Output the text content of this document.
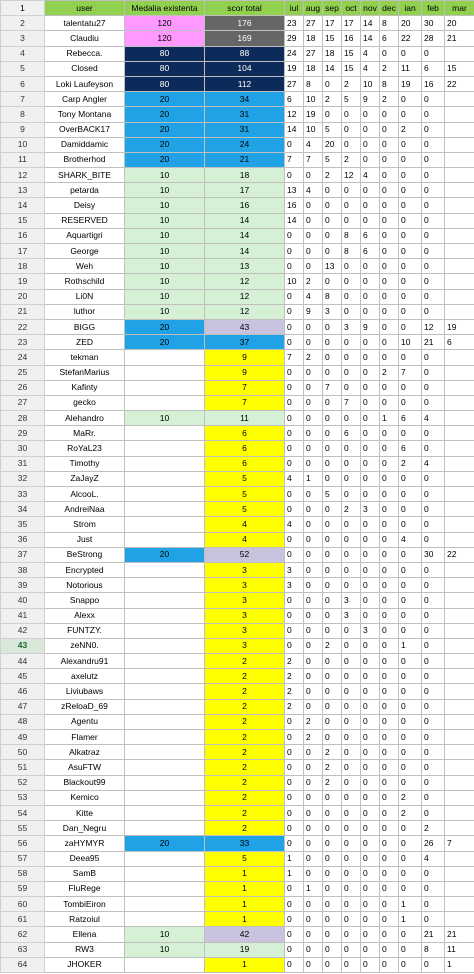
1	user	Medalia existenta	scor total	iul	aug	sep	oct	nov	dec	ian	feb	mar
2	talentatu27	120	176	23	27	17	17	14	8	20	30	20
3	Claudiu	120	169	29	18	15	16	14	6	22	28	21
4	Rebecca.	80	88	24	27	18	15	4	0	0	0	
5	Closed	80	104	19	18	14	15	4	2	11	6	15
6	Loki Laufeyson	80	112	27	8	0	2	10	8	19	16	22
7	Carp Angler	20	34	6	10	2	5	9	2	0	0	
8	Tony Montana	20	31	12	19	0	0	0	0	0	0	
9	OverBACK17	20	31	14	10	5	0	0	0	2	0	
10	Damiddamic	20	24	0	4	20	0	0	0	0	0	
11	Brotherhod	20	21	7	7	5	2	0	0	0	0	
12	SHARK_BITE	10	18	0	0	2	12	4	0	0	0	
13	petarda	10	17	13	4	0	0	0	0	0	0	
14	Deisy	10	16	16	0	0	0	0	0	0	0	
15	RESERVED	10	14	14	0	0	0	0	0	0	0	
16	Aquartigri	10	14	0	0	0	8	6	0	0	0	
17	George	10	14	0	0	0	8	6	0	0	0	
18	Weh	10	13	0	0	13	0	0	0	0	0	
19	Rothschild	10	12	10	2	0	0	0	0	0	0	
20	Li0N	10	12	0	4	8	0	0	0	0	0	
21	luthor	10	12	0	9	3	0	0	0	0	0	
22	BIGG	20	43	0	0	0	3	9	0	0	12	19
23	ZED	20	37	0	0	0	0	0	0	10	21	6
24	tekman		9	7	2	0	0	0	0	0	0	
25	StefanMarius		9	0	0	0	0	0	2	7	0	
26	Kafinty		7	0	0	7	0	0	0	0	0	
27	gecko		7	0	0	0	7	0	0	0	0	
28	Alehandro	10	11	0	0	0	0	0	1	6	4	
29	MaRr.		6	0	0	0	6	0	0	0	0	
30	RoYaL23		6	0	0	0	0	0	0	6	0	
31	Timothy		6	0	0	0	0	0	0	2	4	
32	ZaJayZ		5	4	1	0	0	0	0	0	0	
33	AlcooL.		5	0	0	5	0	0	0	0	0	
34	AndreiNaa		5	0	0	0	2	3	0	0	0	
35	Strom		4	4	0	0	0	0	0	0	0	
36	Just		4	0	0	0	0	0	0	4	0	
37	BeStrong	20	52	0	0	0	0	0	0	0	30	22
38	Encrypted		3	3	0	0	0	0	0	0	0	
39	Notorious		3	3	0	0	0	0	0	0	0	
40	Snappo		3	0	0	0	3	0	0	0	0	
41	Alexx		3	0	0	0	3	0	0	0	0	
42	FUNTZY.		3	0	0	0	0	3	0	0	0	
43	zeNN0.		3	0	0	2	0	0	0	1	0	
44	Alexandru91		2	2	0	0	0	0	0	0	0	
45	axelutz		2	2	0	0	0	0	0	0	0	
46	Liviubaws		2	2	0	0	0	0	0	0	0	
47	zReloaD_69		2	2	0	0	0	0	0	0	0	
48	Agentu		2	0	2	0	0	0	0	0	0	
49	Flamer		2	0	2	0	0	0	0	0	0	
50	Alkatraz		2	0	0	2	0	0	0	0	0	
51	AsuFTW		2	0	0	2	0	0	0	0	0	
52	Blackout99		2	0	0	2	0	0	0	0	0	
53	Kemico		2	0	0	0	0	0	0	2	0	
54	Kitte		2	0	0	0	0	0	0	2	0	
55	Dan_Negru		2	0	0	0	0	0	0	0	2	
56	zaHYMYR	20	33	0	0	0	0	0	0	0	26	7
57	Deea95		5	1	0	0	0	0	0	0	4	
58	SamB		1	1	0	0	0	0	0	0	0	
59	FluRege		1	0	1	0	0	0	0	0	0	
60	TombiEiron		1	0	0	0	0	0	0	1	0	
61	Ratzoiul		1	0	0	0	0	0	0	1	0	
62	Ellena	10	42	0	0	0	0	0	0	0	21	21
63	RW3	10	19	0	0	0	0	0	0	0	8	11
64	JHOKER		1	0	0	0	0	0	0	0	0	1
